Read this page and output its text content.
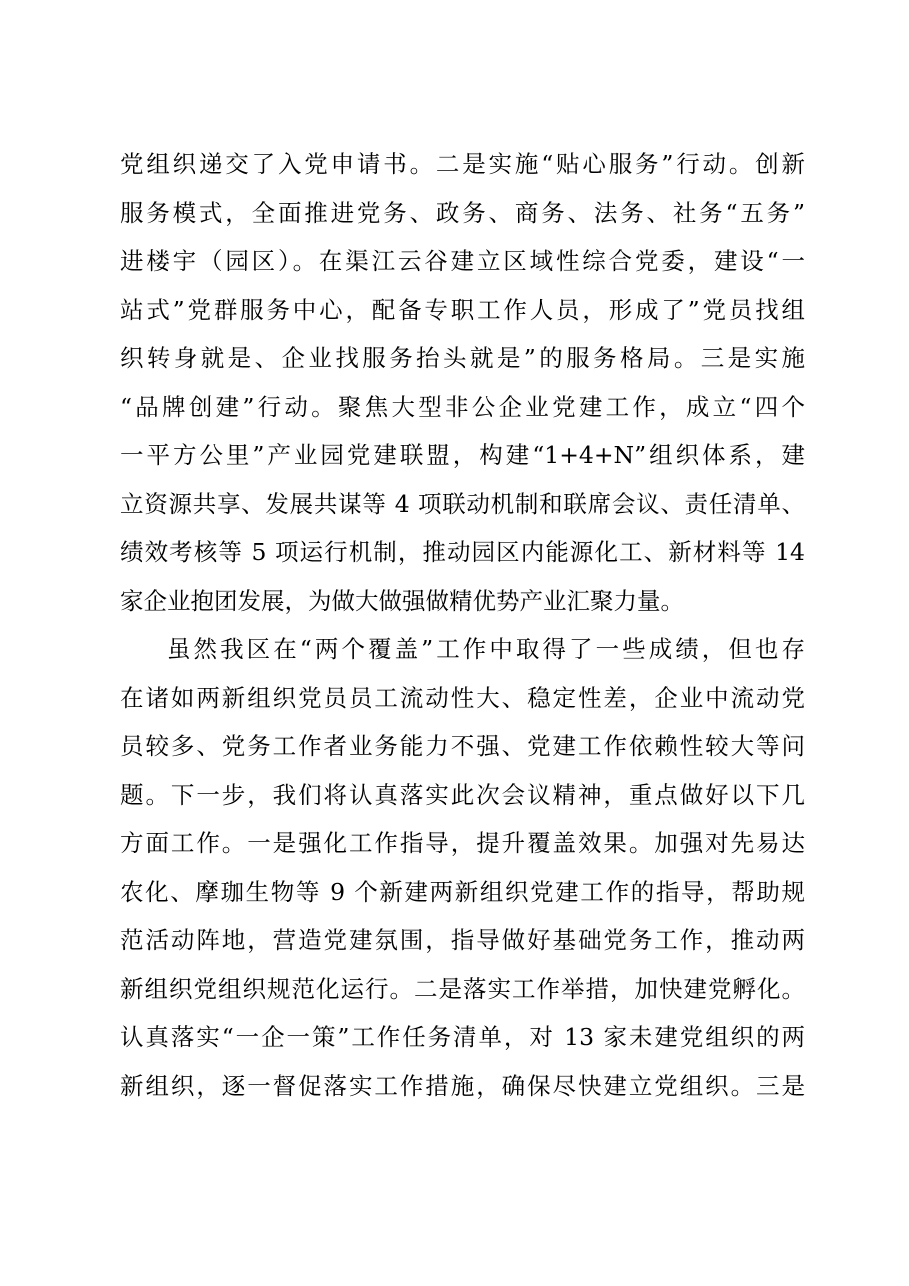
党组织递交了入党申请书。二是实施“贴心服务”行动。创新
服务模式，全面推进党务、政务、商务、法务、社务“五务”
进楼宇（园区）。在渠江云谷建立区域性综合党委，建设“一
站式”党群服务中心，配备专职工作人员，形成了”党员找组
织转身就是、企业找服务抬头就是”的服务格局。三是实施
“品牌创建”行动。聚焦大型非公企业党建工作，成立“四个
一平方公里”产业园党建联盟，构建“1+4+N”组织体系，建
立资源共享、发展共谋等 4 项联动机制和联席会议、责任清单、
绩效考核等 5 项运行机制，推动园区内能源化工、新材料等 14
家企业抱团发展，为做大做强做精优势产业汇聚力量。
虽然我区在“两个覆盖”工作中取得了一些成绩，但也存
在诸如两新组织党员员工流动性大、稳定性差，企业中流动党
员较多、党务工作者业务能力不强、党建工作依赖性较大等问
题。下一步，我们将认真落实此次会议精神，重点做好以下几
方面工作。一是强化工作指导，提升覆盖效果。加强对先易达
农化、摩珈生物等 9 个新建两新组织党建工作的指导，帮助规
范活动阵地，营造党建氛围，指导做好基础党务工作，推动两
新组织党组织规范化运行。二是落实工作举措，加快建党孵化。
认真落实“一企一策”工作任务清单，对 13 家未建党组织的两
新组织，逐一督促落实工作措施，确保尽快建立党组织。三是
